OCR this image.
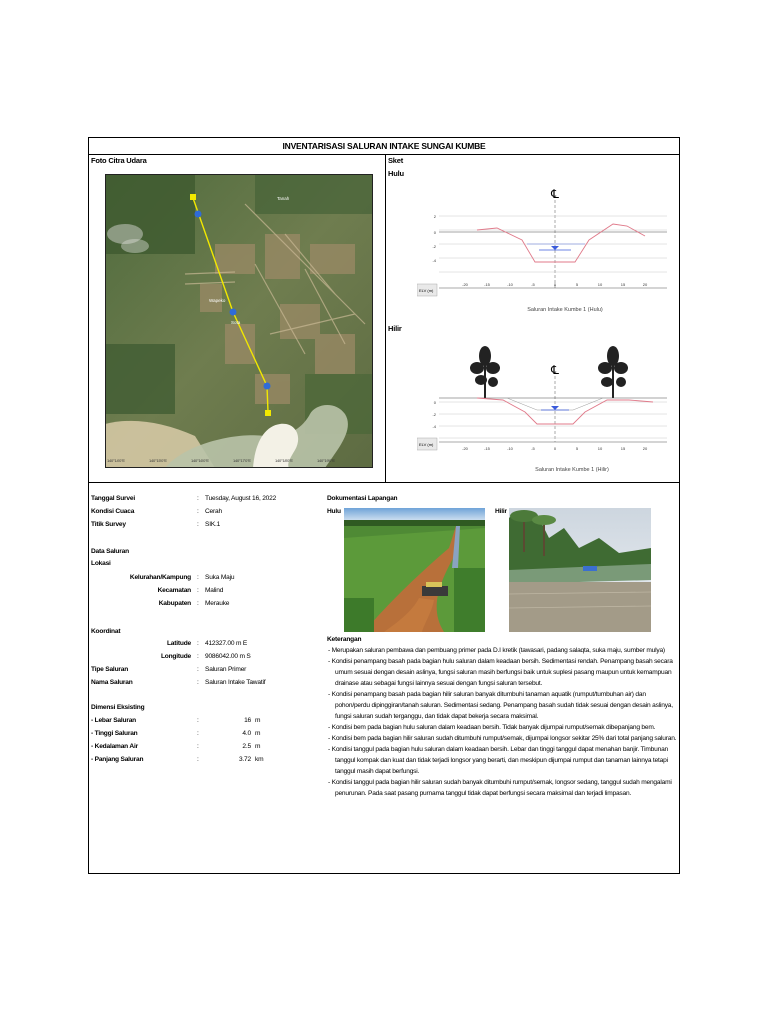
INVENTARISASI SALURAN INTAKE SUNGAI KUMBE
Foto Citra Udara
Tanah
Wapeko
Sota
140°14'0"E	140°15'0"E	140°16'0"E	140°17'0"E	140°18'0"E	140°19'0"E
Sket
Hulu
Hilir
℄
2
0
-2
-4
ELV (m)
-20	-15	-10	-5	0	5	10	15	20
Saluran Intake Kumbe 1 (Hulu)
℄
0
-2
-4
ELV (m)
-20	-15	-10	-5	0	5	10	15	20
Saluran Intake Kumbe 1 (Hilir)
Tanggal Survei	: Tuesday, August 16, 2022
Kondisi Cuaca	: Cerah
Titik Survey	: SIK.1
Data Saluran
Lokasi
Kelurahan/Kampung : Suka Maju
Kecamatan : Malind
Kabupaten : Merauke
Koordinat
Latitude : 412327.00 m E
Longitude : 9086042.00 m S
Tipe Saluran	: Saluran Primer
Nama Saluran	: Saluran Intake Tawatif
Dimensi Eksisting
- Lebar Saluran	:	16 m
- Tinggi Saluran	:	4.0 m
- Kedalaman Air	:	2.5 m
- Panjang Saluran	:	3.72 km
Dokumentasi Lapangan
Hulu	Hilir
Keterangan
- Merupakan saluran pembawa dan pembuang primer pada D.I kretik (tawasari, padang salaqta, suka maju, sumber mulya)
- Kondisi penampang basah pada bagian hulu saluran dalam keadaan bersih. Sedimentasi rendah. Penampang basah secara umum sesuai dengan desain aslinya, fungsi saluran masih berfungsi baik untuk suplesi pasang maupun untuk kemampuan drainase atau sebagai fungsi lainnya sesuai dengan fungsi saluran tersebut.
- Kondisi penampang basah pada bagian hilir saluran banyak ditumbuhi tanaman aquatik (rumput/tumbuhan air) dan pohon/perdu dipinggiran/tanah saluran. Sedimentasi sedang. Penampang basah sudah tidak sesuai dengan desain aslinya, fungsi saluran sudah terganggu, dan tidak dapat bekerja secara maksimal.
- Kondisi bem pada bagian hulu saluran dalam keadaan bersih. Tidak banyak dijumpai rumput/semak dibepanjang bem.
- Kondisi bem pada bagian hilir saluran sudah ditumbuhi rumput/semak, dijumpai longsor sekitar 25% dari total panjang saluran.
- Kondisi tanggul pada bagian hulu saluran dalam keadaan bersih. Lebar dan tinggi tanggul dapat menahan banjir. Timbunan tanggul kompak dan kuat dan tidak terjadi longsor yang berarti, dan meskipun dijumpai rumput dan tanaman lainnya tetapi tanggul masih dapat berfungsi.
- Kondisi tanggul pada bagian hilir saluran sudah banyak ditumbuhi rumput/semak, longsor sedang, tanggul sudah mengalami penurunan. Pada saat pasang purnama tanggul tidak dapat berfungsi secara maksimal dan terjadi limpasan.
